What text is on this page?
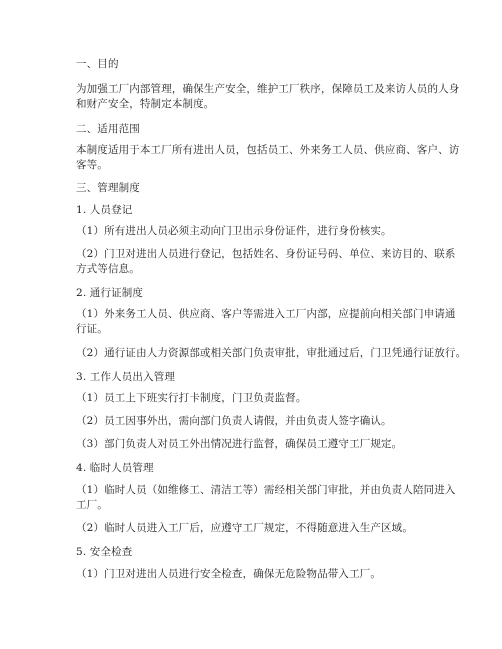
一、目的
为加强工厂内部管理，确保生产安全，维护工厂秩序，保障员工及来访人员的人身
和财产安全，特制定本制度。
二、适用范围
本制度适用于本工厂所有进出人员，包括员工、外来务工人员、供应商、客户、访
客等。
三、管理制度
1. 人员登记
（1）所有进出人员必须主动向门卫出示身份证件，进行身份核实。
（2）门卫对进出人员进行登记，包括姓名、身份证号码、单位、来访目的、联系
方式等信息。
2. 通行证制度
（1）外来务工人员、供应商、客户等需进入工厂内部，应提前向相关部门申请通
行证。
（2）通行证由人力资源部或相关部门负责审批，审批通过后，门卫凭通行证放行。
3. 工作人员出入管理
（1）员工上下班实行打卡制度，门卫负责监督。
（2）员工因事外出，需向部门负责人请假，并由负责人签字确认。
（3）部门负责人对员工外出情况进行监督，确保员工遵守工厂规定。
4. 临时人员管理
（1）临时人员（如维修工、清洁工等）需经相关部门审批，并由负责人陪同进入
工厂。
（2）临时人员进入工厂后，应遵守工厂规定，不得随意进入生产区域。
5. 安全检查
（1）门卫对进出人员进行安全检查，确保无危险物品带入工厂。
